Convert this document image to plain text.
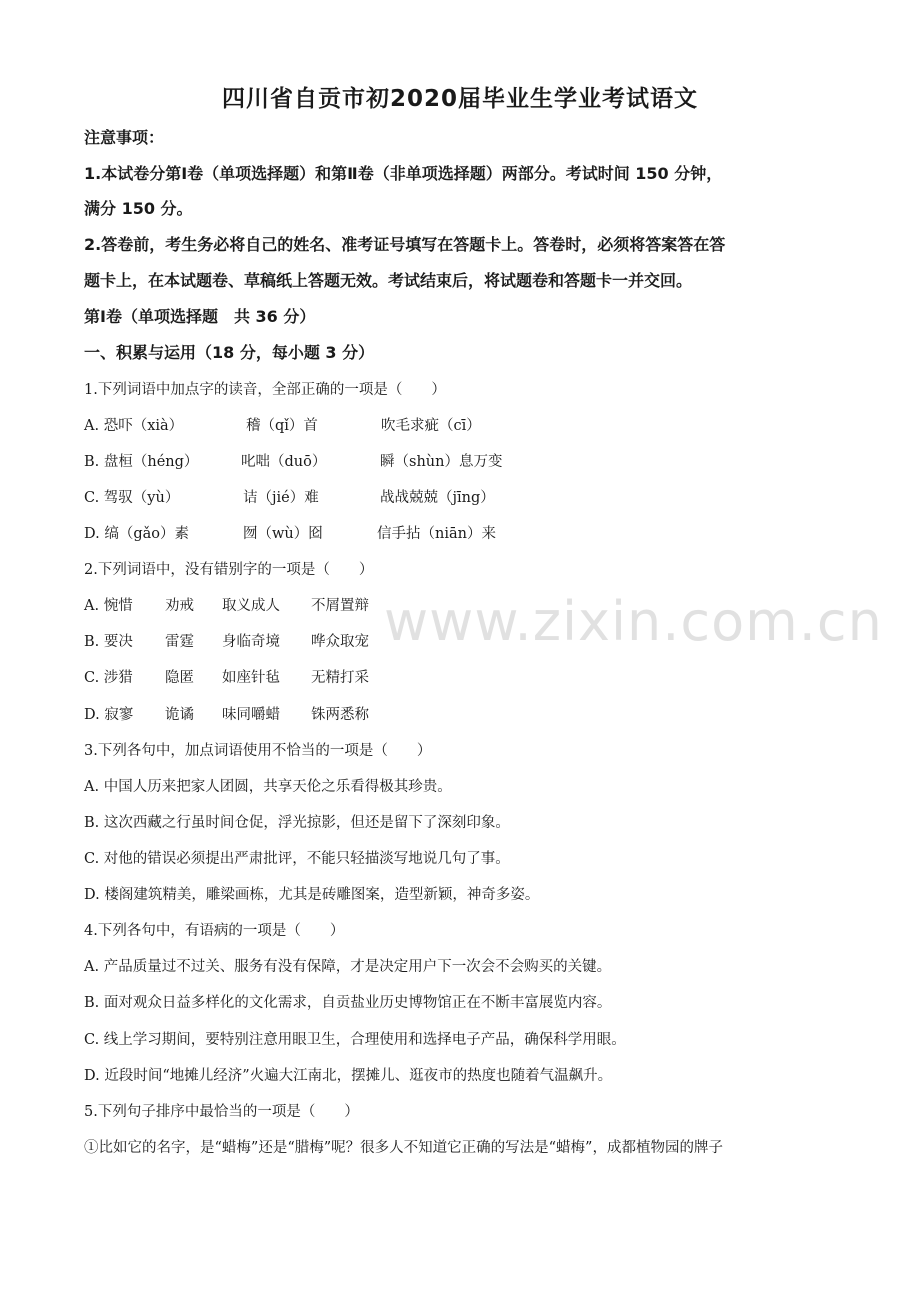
四川省自贡市初2020届毕业生学业考试语文
注意事项：
1.本试卷分第Ⅰ卷（单项选择题）和第Ⅱ卷（非单项选择题）两部分。考试时间 150 分钟，
满分 150 分。
2.答卷前，考生务必将自己的姓名、准考证号填写在答题卡上。答卷时，必须将答案答在答
题卡上，在本试题卷、草稿纸上答题无效。考试结束后，将试题卷和答题卡一并交回。
第Ⅰ卷（单项选择题　共 36 分）
一、积累与运用（18 分，每小题 3 分）
1.下列词语中加点字的读音，全部正确的一项是（　　）
A. 恐吓（xià）	稽（qǐ）首	吹毛求疵（cī）
B. 盘桓（héng）	叱咄（duō）	瞬（shùn）息万变
C. 驾驭（yù）	诘（jié）难	战战兢兢（jīng）
D. 缟（gǎo）素	囫（wù）囵	信手拈（niān）来
2.下列词语中，没有错别字的一项是（　　）
A. 惋惜 劝戒 取义成人 不屑置辩
B. 要决 雷霆 身临奇境 哗众取宠
C. 涉猎 隐匿 如座针毡 无精打采
D. 寂寥 诡谲 味同嚼蜡 铢两悉称
www.zixin.com.cn
3.下列各句中，加点词语使用不恰当的一项是（　　）
A. 中国人历来把家人团圆，共享天伦之乐看得极其珍贵。
B. 这次西藏之行虽时间仓促，浮光掠影，但还是留下了深刻印象。
C. 对他的错误必须提出严肃批评，不能只轻描淡写地说几句了事。
D. 楼阁建筑精美，雕梁画栋，尤其是砖雕图案，造型新颖，神奇多姿。
4.下列各句中，有语病的一项是（　　）
A. 产品质量过不过关、服务有没有保障，才是决定用户下一次会不会购买的关键。
B. 面对观众日益多样化的文化需求，自贡盐业历史博物馆正在不断丰富展览内容。
C. 线上学习期间，要特别注意用眼卫生，合理使用和选择电子产品，确保科学用眼。
D. 近段时间“地摊儿经济”火遍大江南北，摆摊儿、逛夜市的热度也随着气温飙升。
5.下列句子排序中最恰当的一项是（　　）
①比如它的名字，是“蜡梅”还是“腊梅”呢？很多人不知道它正确的写法是“蜡梅”，成都植物园的牌子
